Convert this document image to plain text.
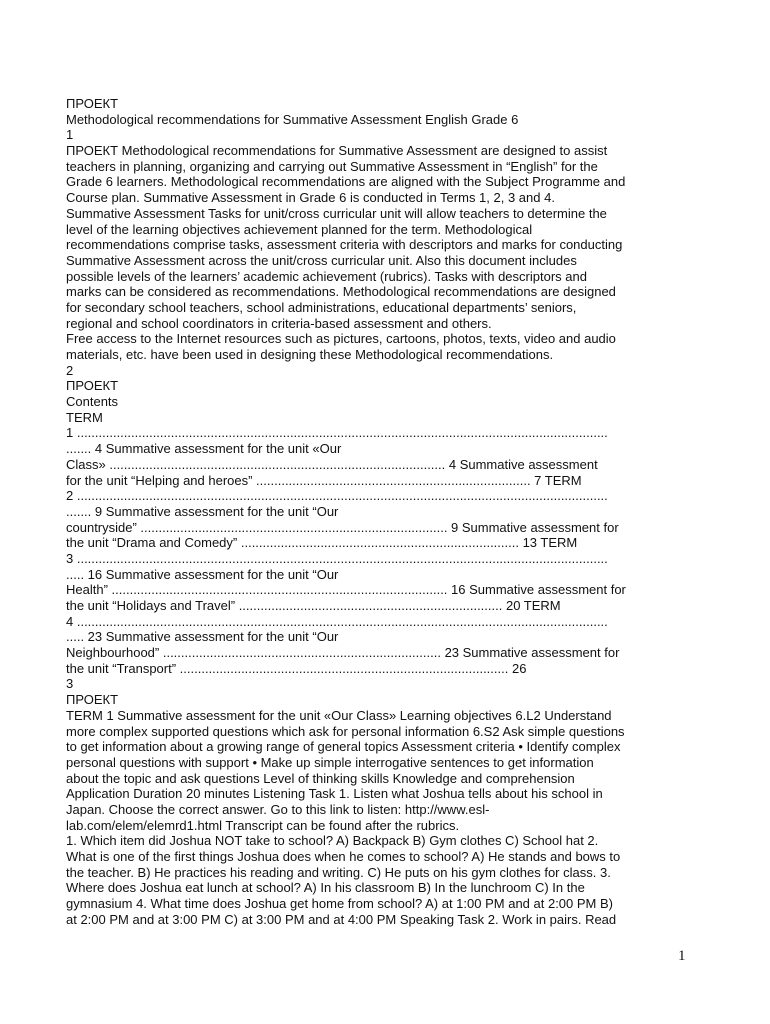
ПРОЕКТ
Methodological recommendations for Summative Assessment English Grade 6
1
ПРОЕКТ Methodological recommendations for Summative Assessment are designed to assist
teachers in planning, organizing and carrying out Summative Assessment in “English” for the
Grade 6 learners. Methodological recommendations are aligned with the Subject Programme and
Course plan. Summative Assessment in Grade 6 is conducted in Terms 1, 2, 3 and 4.
Summative Assessment Tasks for unit/cross curricular unit will allow teachers to determine the
level of the learning objectives achievement planned for the term. Methodological
recommendations comprise tasks, assessment criteria with descriptors and marks for conducting
Summative Assessment across the unit/cross curricular unit. Also this document includes
possible levels of the learners’ academic achievement (rubrics). Tasks with descriptors and
marks can be considered as recommendations. Methodological recommendations are designed
for secondary school teachers, school administrations, educational departments’ seniors,
regional and school coordinators in criteria-based assessment and others.
Free access to the Internet resources such as pictures, cartoons, photos, texts, video and audio
materials, etc. have been used in designing these Methodological recommendations.
2
ПРОЕКТ
Contents
TERM
1 ...................................................................................................................................................
....... 4 Summative assessment for the unit «Our
Class» ............................................................................................. 4 Summative assessment
for the unit “Helping and heroes” ............................................................................ 7 TERM
2 ...................................................................................................................................................
....... 9 Summative assessment for the unit “Our
countryside” ..................................................................................... 9 Summative assessment for
the unit “Drama and Comedy” ............................................................................. 13 TERM
3 ...................................................................................................................................................
..... 16 Summative assessment for the unit “Our
Health” ............................................................................................. 16 Summative assessment for
the unit “Holidays and Travel” ......................................................................... 20 TERM
4 ...................................................................................................................................................
..... 23 Summative assessment for the unit “Our
Neighbourhood” ............................................................................. 23 Summative assessment for
the unit “Transport” ........................................................................................... 26
3
ПРОЕКТ
TERM 1 Summative assessment for the unit «Our Class» Learning objectives 6.L2 Understand
more complex supported questions which ask for personal information 6.S2 Ask simple questions
to get information about a growing range of general topics Assessment criteria • Identify complex
personal questions with support • Make up simple interrogative sentences to get information
about the topic and ask questions Level of thinking skills Knowledge and comprehension
Application Duration 20 minutes Listening Task 1. Listen what Joshua tells about his school in
Japan. Choose the correct answer. Go to this link to listen: http://www.esl-
lab.com/elem/elemrd1.html Transcript can be found after the rubrics.
1. Which item did Joshua NOT take to school? A) Backpack B) Gym clothes C) School hat 2.
What is one of the first things Joshua does when he comes to school? A) He stands and bows to
the teacher. B) He practices his reading and writing. C) He puts on his gym clothes for class. 3.
Where does Joshua eat lunch at school? A) In his classroom B) In the lunchroom C) In the
gymnasium 4. What time does Joshua get home from school? A) at 1:00 PM and at 2:00 PM B)
at 2:00 PM and at 3:00 PM C) at 3:00 PM and at 4:00 PM Speaking Task 2. Work in pairs. Read
1
